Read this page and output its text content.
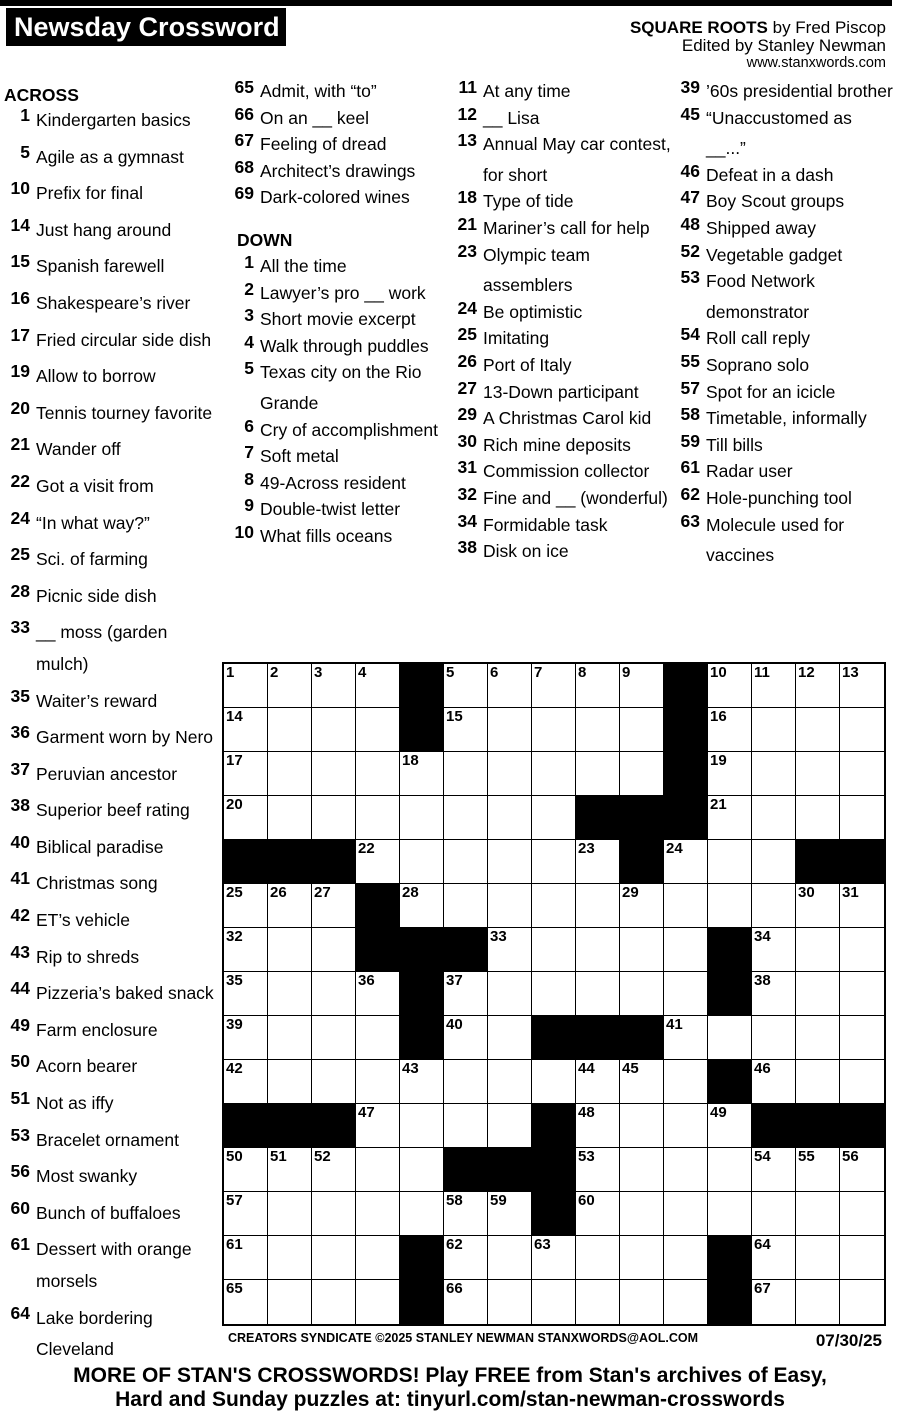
Newsday Crossword	SQUARE ROOTS by Fred Piscop
Edited by Stanley Newman
www.stanxwords.com
ACROSS
1 Kindergarten basics
5 Agile as a gymnast
10 Prefix for final
14 Just hang around
15 Spanish farewell
16 Shakespeare’s river
17 Fried circular side dish
19 Allow to borrow
20 Tennis tourney favorite
21 Wander off
22 Got a visit from
24 “In what way?”
25 Sci. of farming
28 Picnic side dish
33 __ moss (garden mulch)
35 Waiter’s reward
36 Garment worn by Nero
37 Peruvian ancestor
38 Superior beef rating
40 Biblical paradise
41 Christmas song
42 ET’s vehicle
43 Rip to shreds
44 Pizzeria’s baked snack
49 Farm enclosure
50 Acorn bearer
51 Not as iffy
53 Bracelet ornament
56 Most swanky
60 Bunch of buffaloes
61 Dessert with orange morsels
64 Lake bordering Cleveland
65 Admit, with “to”
66 On an __ keel
67 Feeling of dread
68 Architect’s drawings
69 Dark-colored wines
DOWN
1 All the time
2 Lawyer’s pro __ work
3 Short movie excerpt
4 Walk through puddles
5 Texas city on the Rio Grande
6 Cry of accomplishment
7 Soft metal
8 49-Across resident
9 Double-twist letter
10 What fills oceans
11 At any time
12 __ Lisa
13 Annual May car contest, for short
18 Type of tide
21 Mariner’s call for help
23 Olympic team assemblers
24 Be optimistic
25 Imitating
26 Port of Italy
27 13-Down participant
29 A Christmas Carol kid
30 Rich mine deposits
31 Commission collector
32 Fine and __ (wonderful)
34 Formidable task
38 Disk on ice
39 ’60s presidential brother
45 “Unaccustomed as __...”
46 Defeat in a dash
47 Boy Scout groups
48 Shipped away
52 Vegetable gadget
53 Food Network demonstrator
54 Roll call reply
55 Soprano solo
57 Spot for an icicle
58 Timetable, informally
59 Till bills
61 Radar user
62 Hole-punching tool
63 Molecule used for vaccines
1 2 3 4	5 6 7 8 9	10 11 12 13
14	15	16
17	18	19
20	21
22	23	24
25 26 27	28	29	30 31
32	33	34
35	36	37	38
39	40	41
42	43	44 45	46
47	48	49
50 51 52	53	54 55 56
57	58 59	60
61	62	63	64
65	66	67
CREATORS SYNDICATE ©2025 STANLEY NEWMAN STANXWORDS@AOL.COM	07/30/25
MORE OF STAN'S CROSSWORDS! Play FREE from Stan's archives of Easy,
Hard and Sunday puzzles at: tinyurl.com/stan-newman-crosswords
